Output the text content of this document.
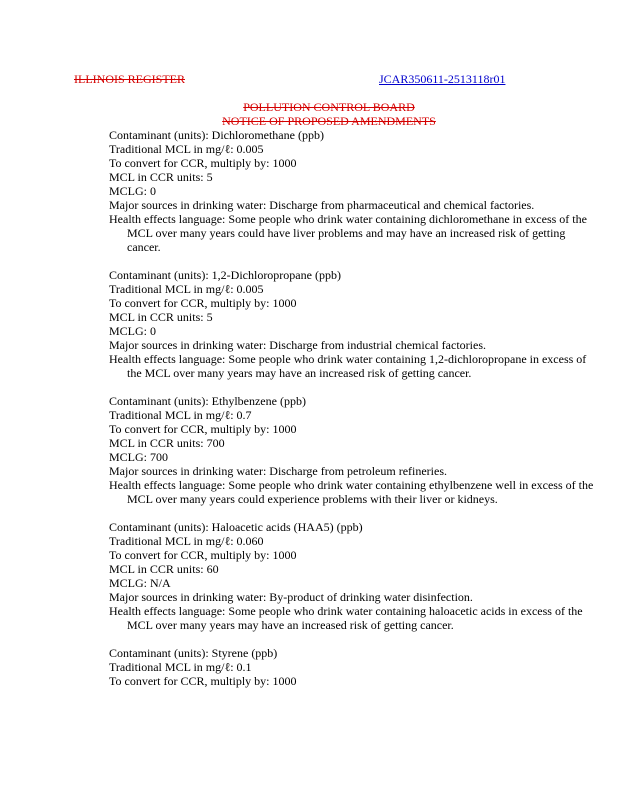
ILLINOIS REGISTER	JCAR350611-2513118r01
POLLUTION CONTROL BOARD
NOTICE OF PROPOSED AMENDMENTS
Contaminant (units): Dichloromethane (ppb)
Traditional MCL in mg/ℓ: 0.005
To convert for CCR, multiply by: 1000
MCL in CCR units: 5
MCLG: 0
Major sources in drinking water: Discharge from pharmaceutical and chemical factories.
Health effects language: Some people who drink water containing dichloromethane in excess of the MCL over many years could have liver problems and may have an increased risk of getting cancer.
Contaminant (units): 1,2-Dichloropropane (ppb)
Traditional MCL in mg/ℓ: 0.005
To convert for CCR, multiply by: 1000
MCL in CCR units: 5
MCLG: 0
Major sources in drinking water: Discharge from industrial chemical factories.
Health effects language: Some people who drink water containing 1,2-dichloropropane in excess of the MCL over many years may have an increased risk of getting cancer.
Contaminant (units): Ethylbenzene (ppb)
Traditional MCL in mg/ℓ: 0.7
To convert for CCR, multiply by: 1000
MCL in CCR units: 700
MCLG: 700
Major sources in drinking water: Discharge from petroleum refineries.
Health effects language: Some people who drink water containing ethylbenzene well in excess of the MCL over many years could experience problems with their liver or kidneys.
Contaminant (units): Haloacetic acids (HAA5) (ppb)
Traditional MCL in mg/ℓ: 0.060
To convert for CCR, multiply by: 1000
MCL in CCR units: 60
MCLG: N/A
Major sources in drinking water: By-product of drinking water disinfection.
Health effects language: Some people who drink water containing haloacetic acids in excess of the MCL over many years may have an increased risk of getting cancer.
Contaminant (units): Styrene (ppb)
Traditional MCL in mg/ℓ: 0.1
To convert for CCR, multiply by: 1000
